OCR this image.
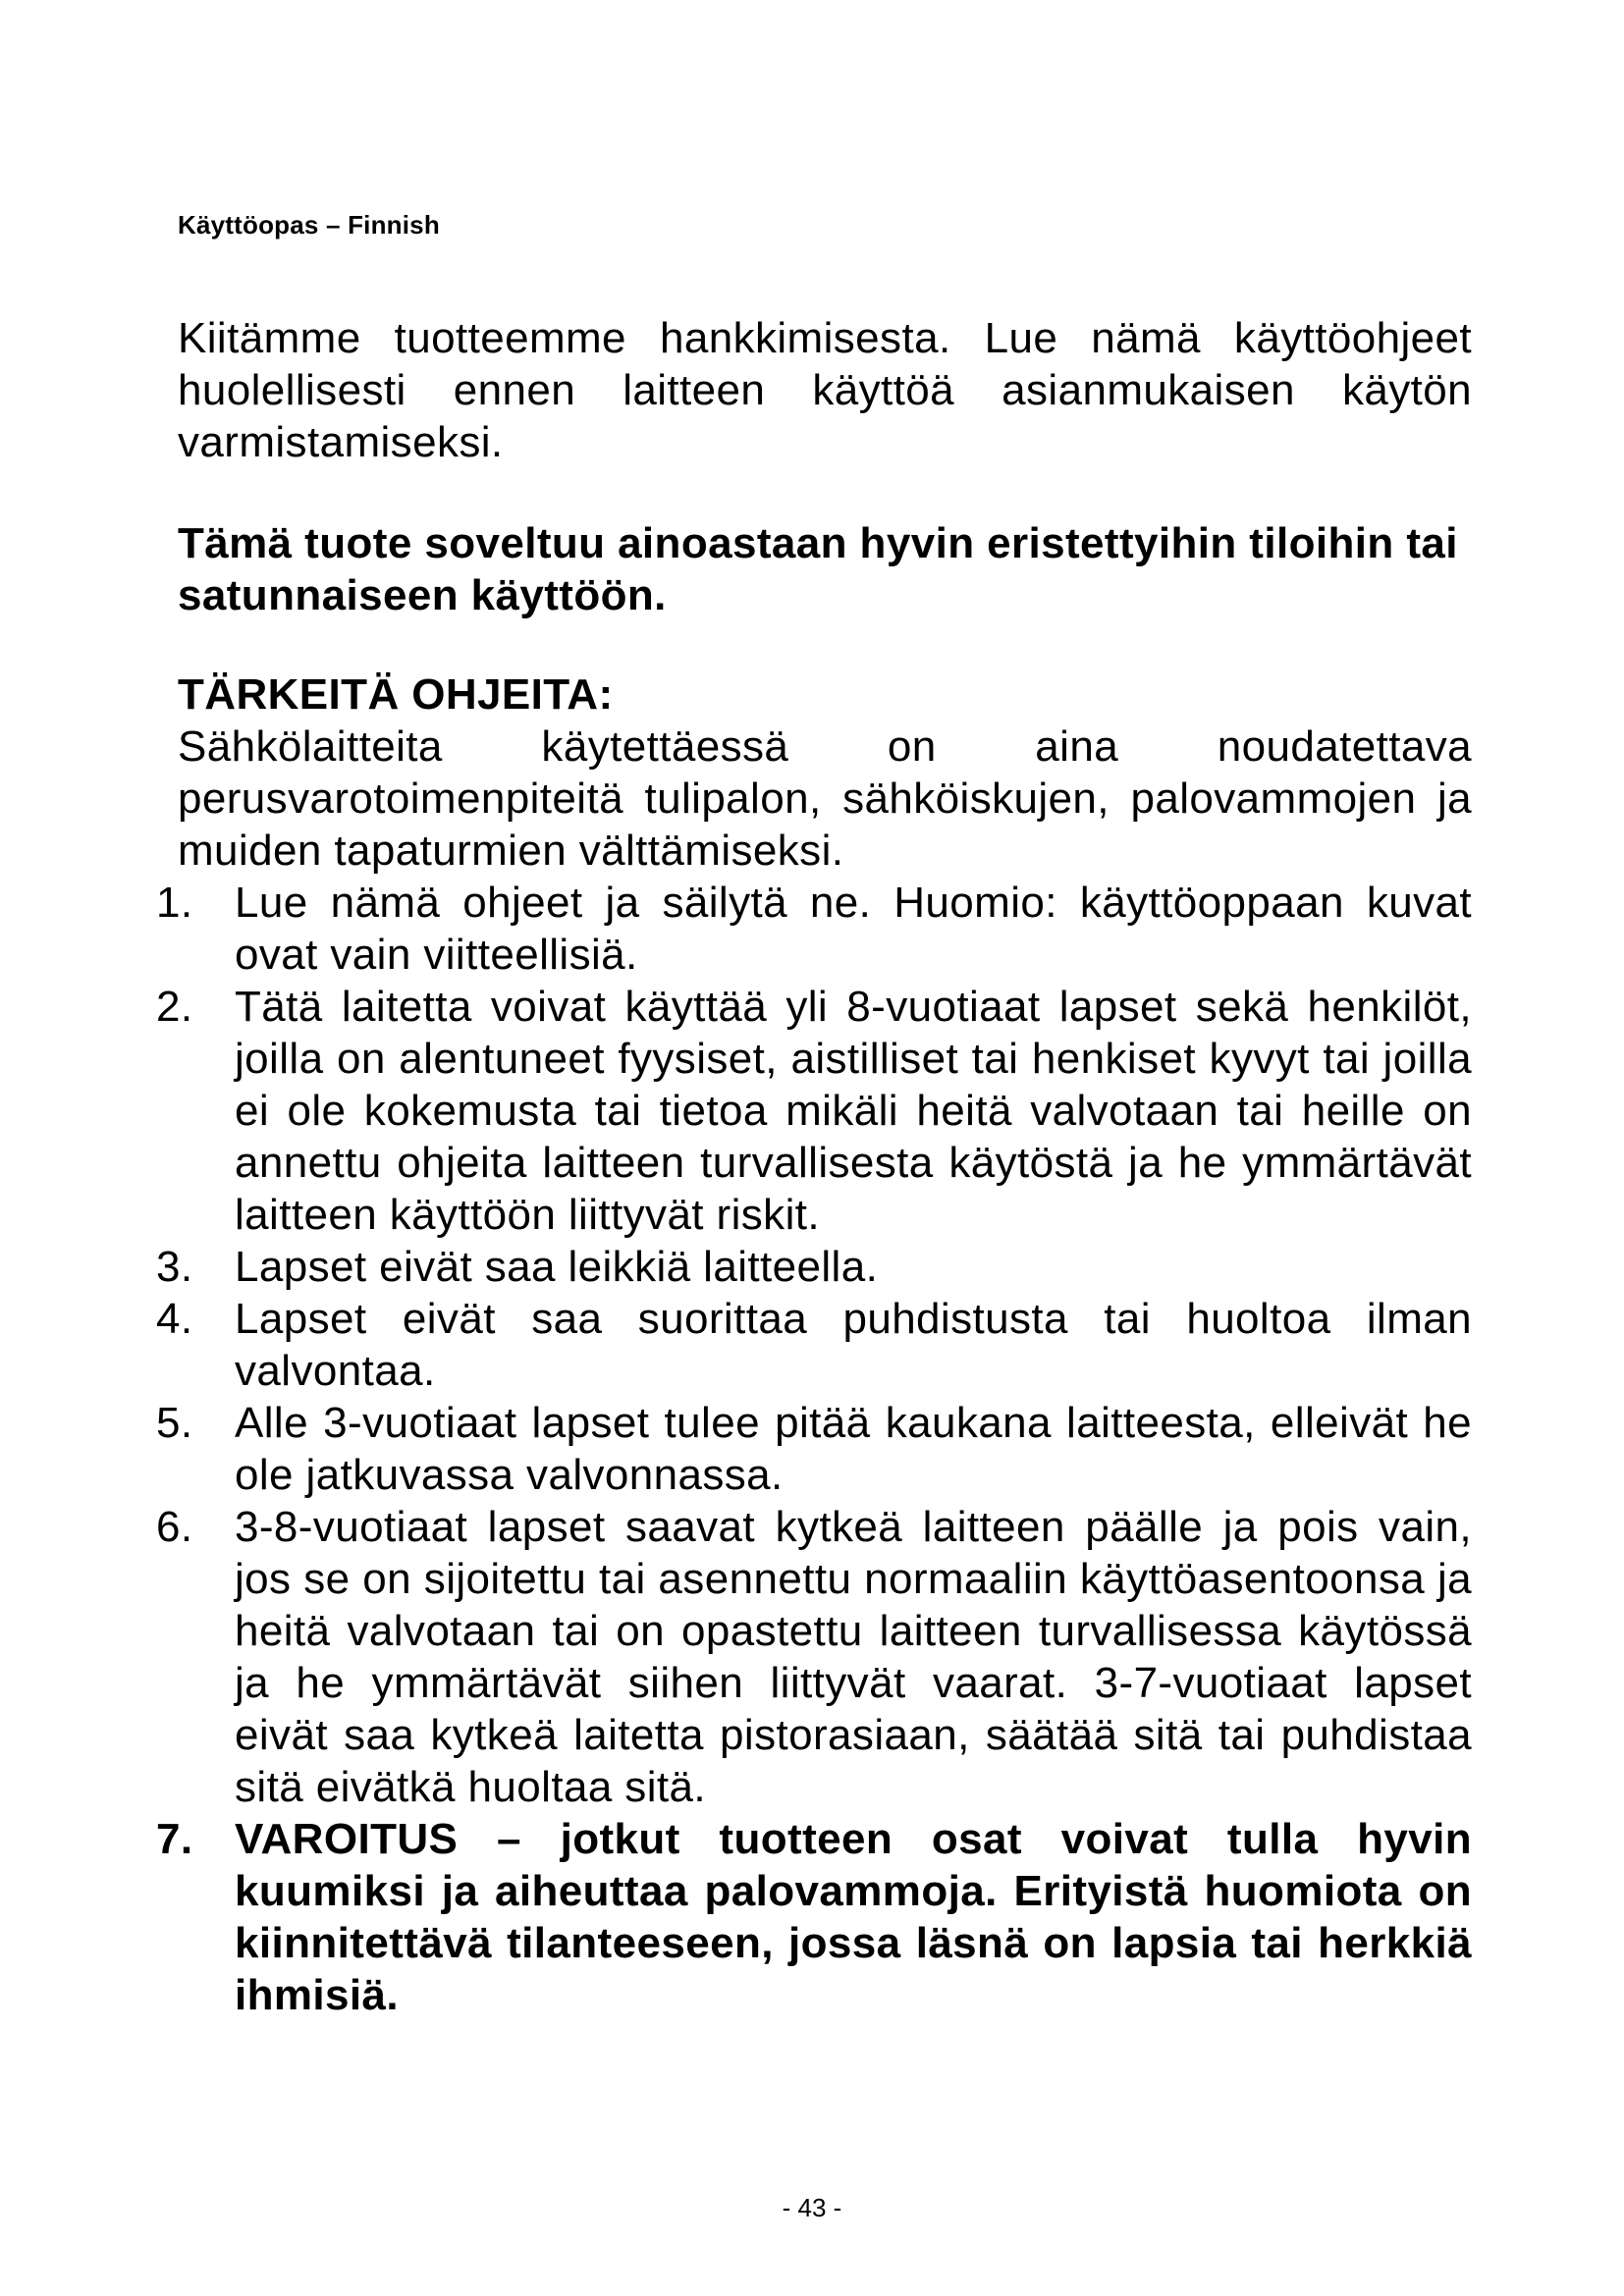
Käyttöopas – Finnish

Kiitämme tuotteemme hankkimisesta. Lue nämä käyttöohjeet huolellisesti ennen laitteen käyttöä asianmukaisen käytön varmistamiseksi.

Tämä tuote soveltuu ainoastaan hyvin eristettyihin tiloihin tai satunnaiseen käyttöön.

TÄRKEITÄ OHJEITA:

Sähkölaitteita käytettäessä on aina noudatettava perusvarotoimenpiteitä tulipalon, sähköiskujen, palovammojen ja muiden tapaturmien välttämiseksi.

1. Lue nämä ohjeet ja säilytä ne. Huomio: käyttöoppaan kuvat ovat vain viitteellisiä.
2. Tätä laitetta voivat käyttää yli 8-vuotiaat lapset sekä henkilöt, joilla on alentuneet fyysiset, aistilliset tai henkiset kyvyt tai joilla ei ole kokemusta tai tietoa mikäli heitä valvotaan tai heille on annettu ohjeita laitteen turvallisesta käytöstä ja he ymmärtävät laitteen käyttöön liittyvät riskit.
3. Lapset eivät saa leikkiä laitteella.
4. Lapset eivät saa suorittaa puhdistusta tai huoltoa ilman valvontaa.
5. Alle 3-vuotiaat lapset tulee pitää kaukana laitteesta, elleivät he ole jatkuvassa valvonnassa.
6. 3-8-vuotiaat lapset saavat kytkeä laitteen päälle ja pois vain, jos se on sijoitettu tai asennettu normaaliin käyttöasentoonsa ja heitä valvotaan tai on opastettu laitteen turvallisessa käytössä ja he ymmärtävät siihen liittyvät vaarat. 3-7-vuotiaat lapset eivät saa kytkeä laitetta pistorasiaan, säätää sitä tai puhdistaa sitä eivätkä huoltaa sitä.
7. VAROITUS – jotkut tuotteen osat voivat tulla hyvin kuumiksi ja aiheuttaa palovammoja. Erityistä huomiota on kiinnitettävä tilanteeseen, jossa läsnä on lapsia tai herkkiä ihmisiä.
- 43 -
